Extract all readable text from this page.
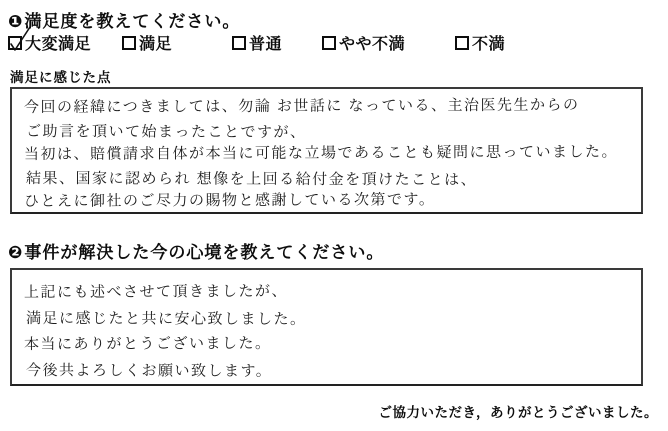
❶満足度を教えてください。
大変満足	満足	普通	やや不満	不満
満足に感じた点
今回の経緯につきましては、勿論 お世話に なっている、主治医先生からの
ご助言を頂いて始まったことですが、
当初は、賠償請求自体が本当に可能な立場であることも疑問に思っていました。
結果、国家に認められ 想像を上回る給付金を頂けたことは、
ひとえに御社のご尽力の賜物と感謝している次第です。
❷事件が解決した今の心境を教えてください。
上記にも述べさせて頂きましたが、
満足に感じたと共に安心致しました。
本当にありがとうございました。
今後共よろしくお願い致します。
ご協力いただき，ありがとうございました。
